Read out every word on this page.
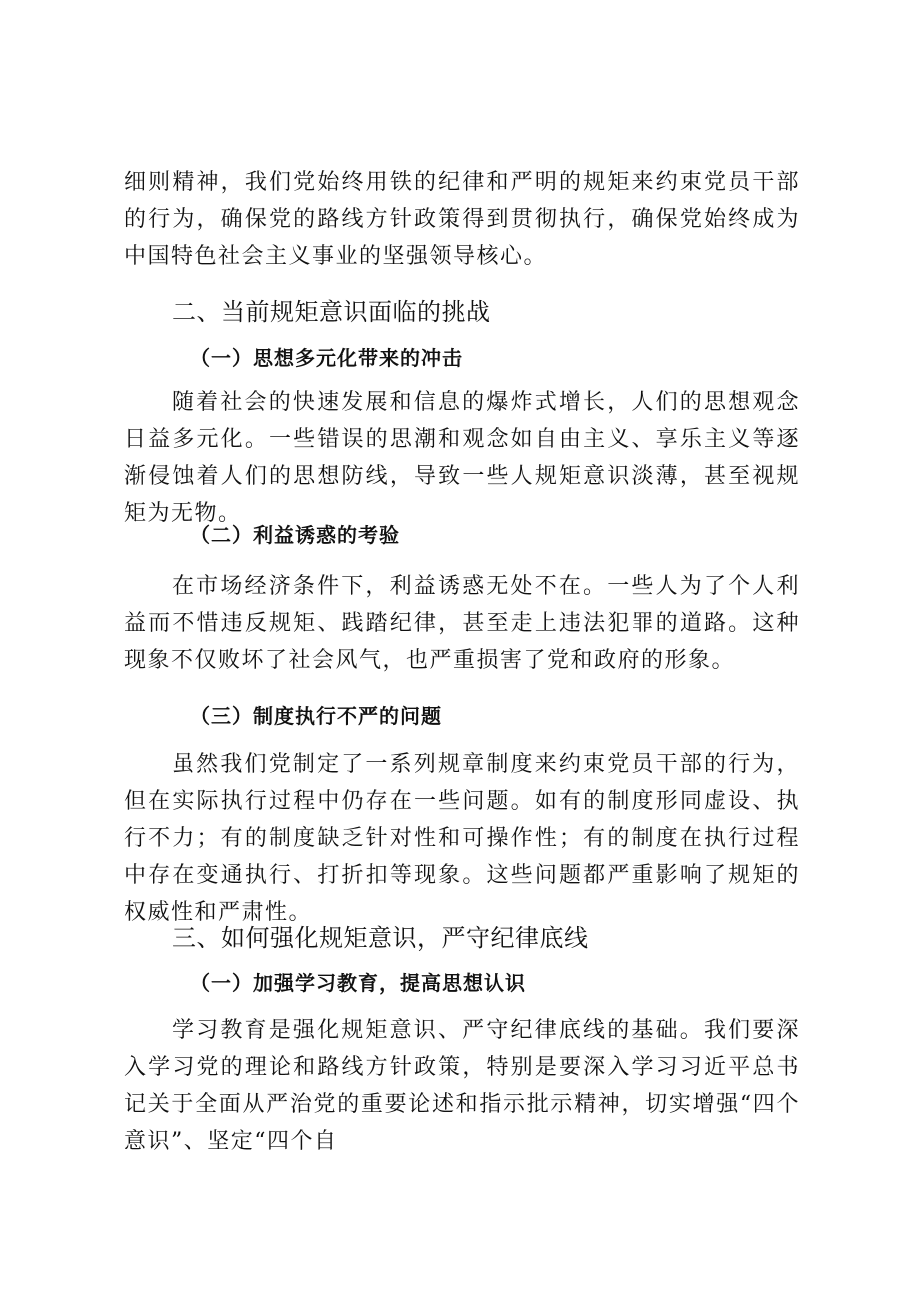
细则精神，我们党始终用铁的纪律和严明的规矩来约束党员干部的行为，确保党的路线方针政策得到贯彻执行，确保党始终成为中国特色社会主义事业的坚强领导核心。

二、当前规矩意识面临的挑战
（一）思想多元化带来的冲击

随着社会的快速发展和信息的爆炸式增长，人们的思想观念日益多元化。一些错误的思潮和观念如自由主义、享乐主义等逐渐侵蚀着人们的思想防线，导致一些人规矩意识淡薄，甚至视规矩为无物。

（二）利益诱惑的考验

在市场经济条件下，利益诱惑无处不在。一些人为了个人利益而不惜违反规矩、践踏纪律，甚至走上违法犯罪的道路。这种现象不仅败坏了社会风气，也严重损害了党和政府的形象。

（三）制度执行不严的问题

虽然我们党制定了一系列规章制度来约束党员干部的行为，但在实际执行过程中仍存在一些问题。如有的制度形同虚设、执行不力；有的制度缺乏针对性和可操作性；有的制度在执行过程中存在变通执行、打折扣等现象。这些问题都严重影响了规矩的权威性和严肃性。

三、如何强化规矩意识，严守纪律底线
（一）加强学习教育，提高思想认识

学习教育是强化规矩意识、严守纪律底线的基础。我们要深入学习党的理论和路线方针政策，特别是要深入学习习近平总书记关于全面从严治党的重要论述和指示批示精神，切实增强“四个意识”、坚定“四个自
